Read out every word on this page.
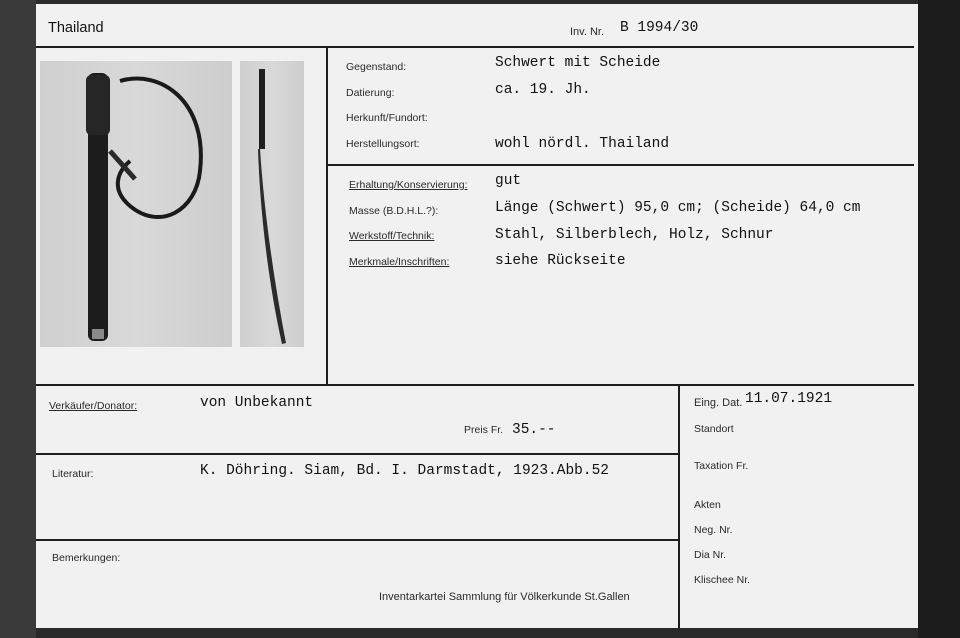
Thailand	Inv. Nr. B 1994/30
Gegenstand:	Schwert mit Scheide
Datierung:	ca. 19. Jh.
Herkunft/Fundort:
Herstellungsort:	wohl nördl. Thailand
Erhaltung/Konservierung: gut
Masse (B.D.H.L.?):	Länge (Schwert) 95,0 cm; (Scheide) 64,0 cm
Werkstoff/Technik:	Stahl, Silberblech, Holz, Schnur
Merkmale/Inschriften:	siehe Rückseite
Verkäufer/Donator:	von Unbekannt
Preis Fr. 35.--
Literatur:	K. Döhring. Siam, Bd. I. Darmstadt, 1923.Abb.52
Bemerkungen:
Inventarkartei Sammlung für Völkerkunde St.Gallen
Eing. Dat. 11.07.1921
Standort
Taxation Fr.
Akten
Neg. Nr.
Dia Nr.
Klischee Nr.
